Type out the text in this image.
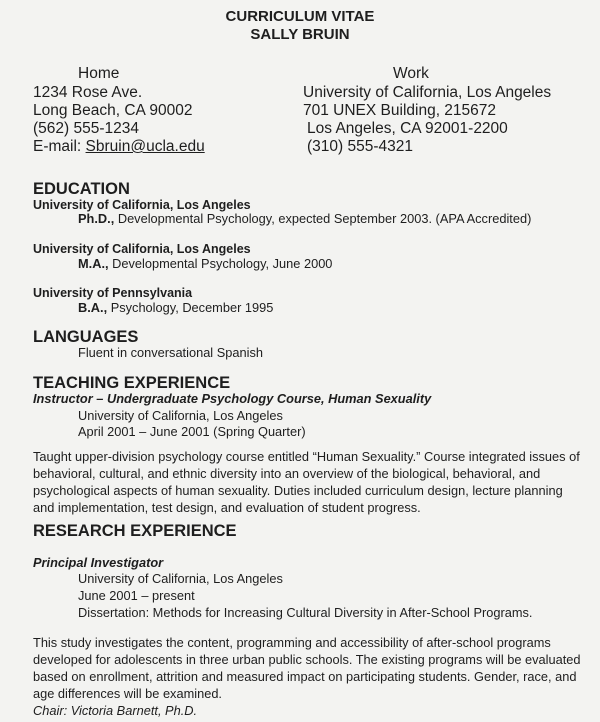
CURRICULUM VITAE
SALLY BRUIN
Home
1234 Rose Ave.
Long Beach, CA 90002
(562) 555-1234
E-mail: Sbruin@ucla.edu
Work
University of California, Los Angeles
701 UNEX Building, 215672
Los Angeles, CA 92001-2200
(310) 555-4321
EDUCATION
University of California, Los Angeles
Ph.D., Developmental Psychology, expected September 2003. (APA Accredited)
University of California, Los Angeles
M.A., Developmental Psychology, June 2000
University of Pennsylvania
B.A., Psychology, December 1995
LANGUAGES
Fluent in conversational Spanish
TEACHING EXPERIENCE
Instructor – Undergraduate Psychology Course, Human Sexuality
University of California, Los Angeles
April 2001 – June 2001 (Spring Quarter)
Taught upper-division psychology course entitled “Human Sexuality.” Course integrated issues of
behavioral, cultural, and ethnic diversity into an overview of the biological, behavioral, and
psychological aspects of human sexuality. Duties included curriculum design, lecture planning
and implementation, test design, and evaluation of student progress.
RESEARCH EXPERIENCE
Principal Investigator
University of California, Los Angeles
June 2001 – present
Dissertation: Methods for Increasing Cultural Diversity in After-School Programs.
This study investigates the content, programming and accessibility of after-school programs
developed for adolescents in three urban public schools. The existing programs will be evaluated
based on enrollment, attrition and measured impact on participating students. Gender, race, and
age differences will be examined.
Chair: Victoria Barnett, Ph.D.
